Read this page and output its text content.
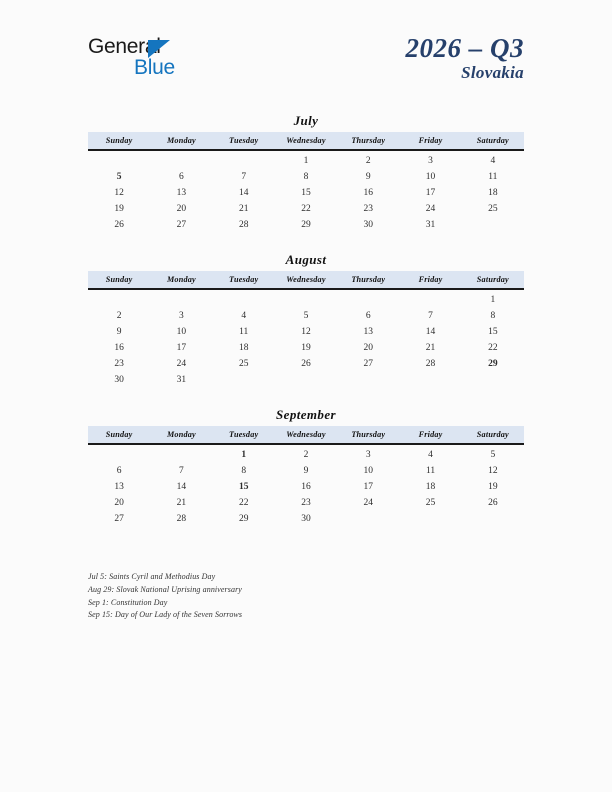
General
Blue
2026 – Q3
Slovakia
July
Sunday	Monday	Tuesday	Wednesday	Thursday	Friday	Saturday
			1	2	3	4
5	6	7	8	9	10	11
12	13	14	15	16	17	18
19	20	21	22	23	24	25
26	27	28	29	30	31	
August
Sunday	Monday	Tuesday	Wednesday	Thursday	Friday	Saturday
						1
2	3	4	5	6	7	8
9	10	11	12	13	14	15
16	17	18	19	20	21	22
23	24	25	26	27	28	29
30	31					
September
Sunday	Monday	Tuesday	Wednesday	Thursday	Friday	Saturday
		1	2	3	4	5
6	7	8	9	10	11	12
13	14	15	16	17	18	19
20	21	22	23	24	25	26
27	28	29	30			
Jul 5: Saints Cyril and Methodius Day
Aug 29: Slovak National Uprising anniversary
Sep 1: Constitution Day
Sep 15: Day of Our Lady of the Seven Sorrows
